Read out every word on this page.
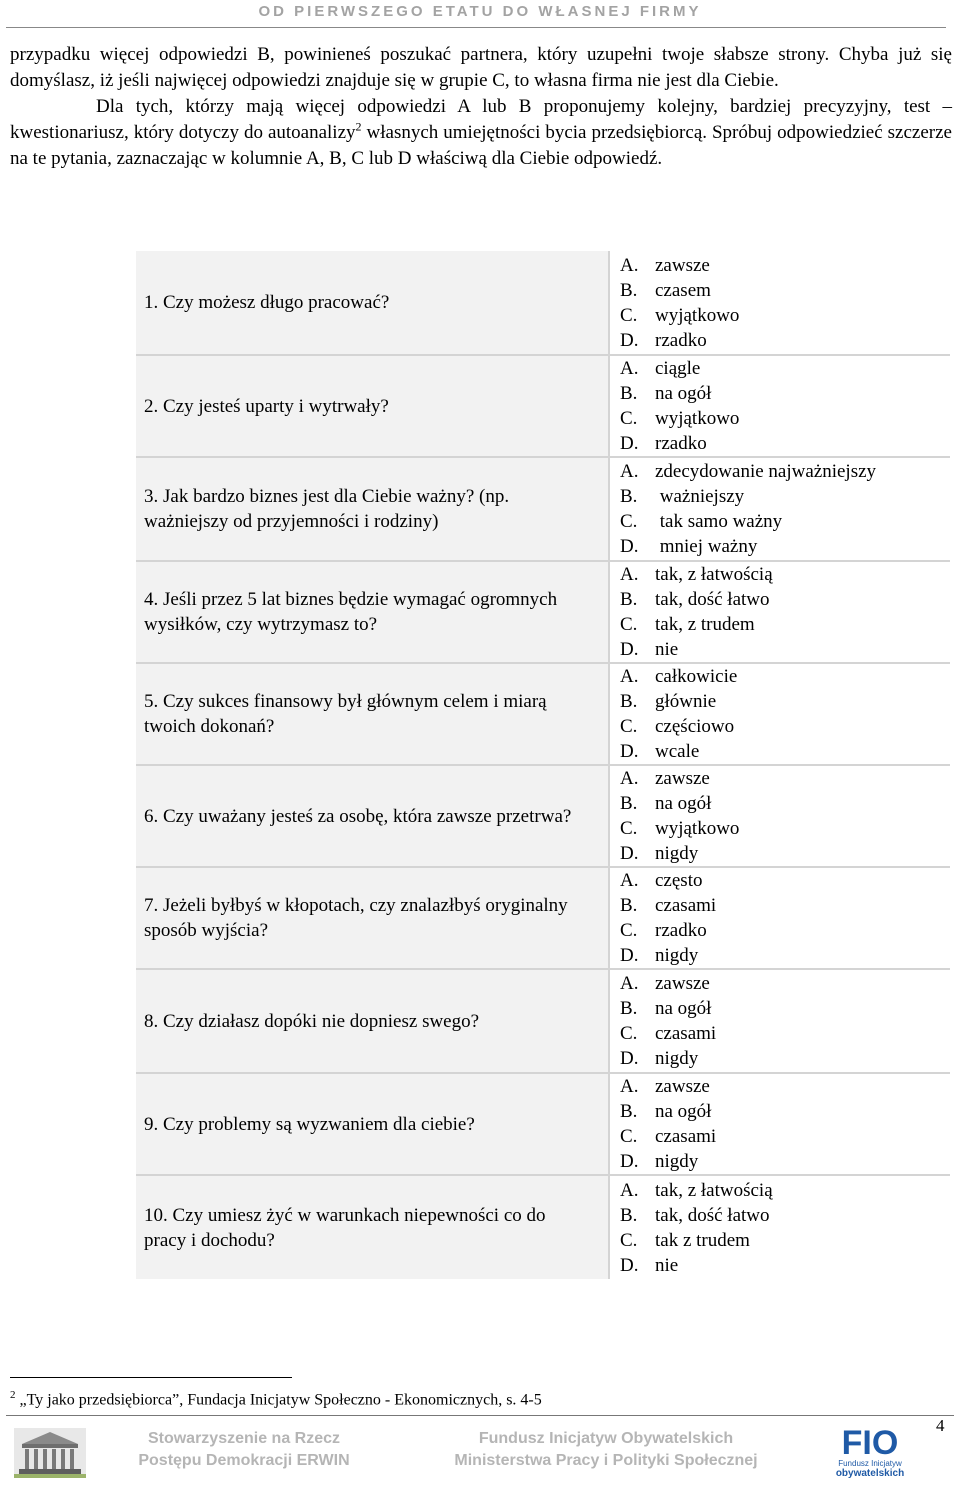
OD PIERWSZEGO ETATU DO WŁASNEJ FIRMY

przypadku więcej odpowiedzi B, powinieneś poszukać partnera, który uzupełni twoje słabsze strony. Chyba już się domyślasz, iż jeśli najwięcej odpowiedzi znajduje się w grupie C, to własna firma nie jest dla Ciebie.

Dla tych, którzy mają więcej odpowiedzi A lub B proponujemy kolejny, bardziej precyzyjny, test – kwestionariusz, który dotyczy do autoanalizy$^2$ własnych umiejętności bycia przedsiębiorcą. Spróbuj odpowiedzieć szczerze na te pytania, zaznaczając w kolumnie A, B, C lub D właściwą dla Ciebie odpowiedź.

1. Czy możesz długo pracować?	A. zawsze
B. czasem
C. wyjątkowo
D. rzadko

2. Czy jesteś uparty i wytrwały?	A. ciągle
B. na ogół
C. wyjątkowo
D. rzadko

3. Jak bardzo biznes jest dla Ciebie ważny? (np. ważniejszy od przyjemności i rodziny)	A. zdecydowanie najważniejszy
B. ważniejszy
C. tak samo ważny
D. mniej ważny

4. Jeśli przez 5 lat biznes będzie wymagać ogromnych wysiłków, czy wytrzymasz to?	A. tak, z łatwością
B. tak, dość łatwo
C. tak, z trudem
D. nie

5. Czy sukces finansowy był głównym celem i miarą twoich dokonań?	A. całkowicie
B. głównie
C. częściowo
D. wcale

6. Czy uważany jesteś za osobę, która zawsze przetrwa?	A. zawsze
B. na ogół
C. wyjątkowo
D. nigdy

7. Jeżeli byłbyś w kłopotach, czy znalazłbyś oryginalny sposób wyjścia?	A. często
B. czasami
C. rzadko
D. nigdy

8. Czy działasz dopóki nie dopniesz swego?	A. zawsze
B. na ogół
C. czasami
D. nigdy

9. Czy problemy są wyzwaniem dla ciebie?	A. zawsze
B. na ogół
C. czasami
D. nigdy

10. Czy umiesz żyć w warunkach niepewności co do pracy i dochodu?	A. tak, z łatwością
B. tak, dość łatwo
C. tak z trudem
D. nie
$^2$ „Ty jako przedsiębiorca”, Fundacja Inicjatyw Społeczno - Ekonomicznych, s. 4-5
Stowarzyszenie na Rzecz
Postępu Demokracji ERWIN
Fundusz Inicjatyw Obywatelskich
Ministerstwa Pracy i Polityki Społecznej	FIO
Fundusz Inicjatyw
obywatelskich
4
